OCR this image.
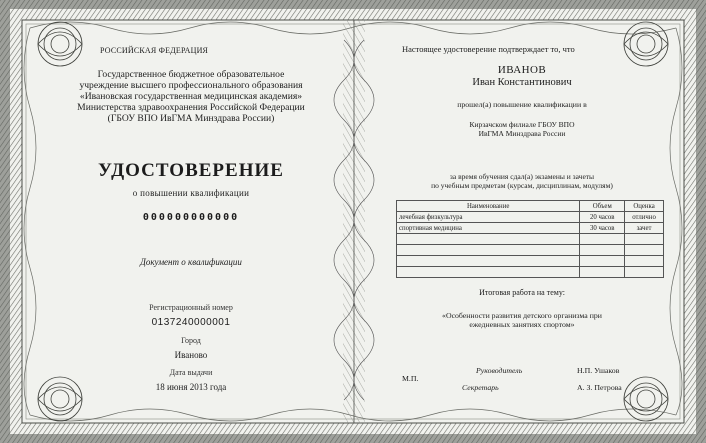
РОССИЙСКАЯ ФЕДЕРАЦИЯ
Государственное бюджетное образовательное
учреждение высшего профессионального образования
«Ивановская государственная медицинская академия»
Министерства здравоохранения Российской Федерации
(ГБОУ ВПО ИвГМА Минздрава России)
УДОСТОВЕРЕНИЕ
о повышении квалификации
000000000000
Документ о квалификации
Регистрационный номер
0137240000001
Город
Иваново
Дата выдачи
18 июня 2013 года
Настоящее удостоверение подтверждает то, что
ИВАНОВ
Иван Константинович
прошел(а) повышение квалификации в
Кирзачском филиале ГБОУ ВПО
ИвГМА Минздрава России
за время обучения сдал(а) экзамены и зачеты
по учебным предметам (курсам, дисциплинам, модулям)
Наименование	Объем	Оценка
лечебная физкультура	20 часов	отлично
спортивная медицина	30 часов	зачет

Итоговая работа на тему:
«Особенности развития детского организма при
ежедневных занятиях спортом»
М.П.
Руководитель	Н.П. Ушаков
Секретарь	А. З. Петрова
